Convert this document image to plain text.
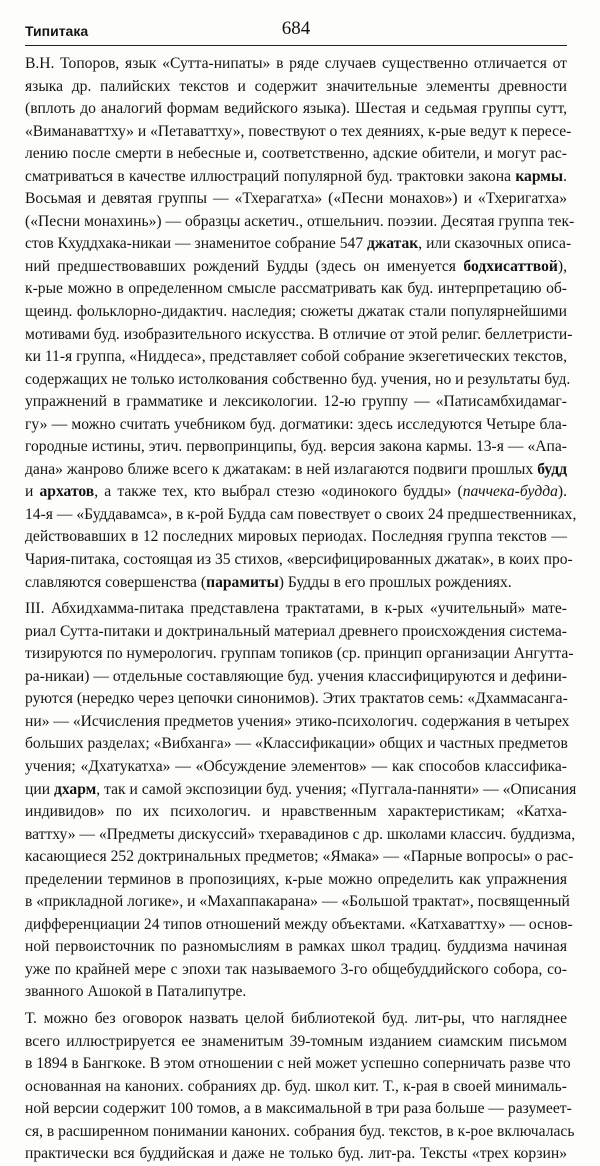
Типитака	684
В.Н. Топоров, язык «Сутта-нипаты» в ряде случаев существенно отличается от
языка др. палийских текстов и содержит значительные элементы древности
(вплоть до аналогий формам ведийского языка). Шестая и седьмая группы сутт,
«Виманаваттху» и «Петаваттху», повествуют о тех деяниях, к-рые ведут к пересе-
лению после смерти в небесные и, соответственно, адские обители, и могут рас-
сматриваться в качестве иллюстраций популярной буд. трактовки закона кармы.
Восьмая и девятая группы — «Тхерагатха» («Песни монахов») и «Тхеригатха»
(«Песни монахинь») — образцы аскетич., отшельнич. поэзии. Десятая группа тек-
стов Кхуддхака-никаи — знаменитое собрание 547 джатак, или сказочных описа-
ний предшествовавших рождений Будды (здесь он именуется бодхисаттвой),
к-рые можно в определенном смысле рассматривать как буд. интерпретацию об-
щеинд. фольклорно-дидактич. наследия; сюжеты джатак стали популярнейшими
мотивами буд. изобразительного искусства. В отличие от этой религ. беллетристи-
ки 11-я группа, «Ниддеса», представляет собой собрание экзегетических текстов,
содержащих не только истолкования собственно буд. учения, но и результаты буд.
упражнений в грамматике и лексикологии. 12-ю группу — «Патисамбхидамаг-
гу» — можно считать учебником буд. догматики: здесь исследуются Четыре бла-
городные истины, этич. первопринципы, буд. версия закона кармы. 13-я — «Апа-
дана» жанрово ближе всего к джатакам: в ней излагаются подвиги прошлых будд
и архатов, а также тех, кто выбрал стезю «одинокого будды» (паччека-будда).
14-я — «Буддавамса», в к-рой Будда сам повествует о своих 24 предшественниках,
действовавших в 12 последних мировых периодах. Последняя группа текстов —
Чария-питака, состоящая из 35 стихов, «версифицированных джатак», в коих про-
славляются совершенства (парамиты) Будды в его прошлых рождениях.
III. Абхидхамма-питака представлена трактатами, в к-рых «учительный» мате-
риал Сутта-питаки и доктринальный материал древнего происхождения система-
тизируются по нумерологич. группам топиков (ср. принцип организации Ангутта-
ра-никаи) — отдельные составляющие буд. учения классифицируются и дефини-
руются (нередко через цепочки синонимов). Этих трактатов семь: «Дхаммасанга-
ни» — «Исчисления предметов учения» этико-психологич. содержания в четырех
больших разделах; «Вибханга» — «Классификации» общих и частных предметов
учения; «Дхатукатха» — «Обсуждение элементов» — как способов классифика-
ции дхарм, так и самой экспозиции буд. учения; «Пуггала-панняти» — «Описания
индивидов» по их психологич. и нравственным характеристикам; «Катха-
ваттху» — «Предметы дискуссий» тхеравадинов с др. школами классич. буддизма,
касающиеся 252 доктринальных предметов; «Ямака» — «Парные вопросы» о рас-
пределении терминов в пропозициях, к-рые можно определить как упражнения
в «прикладной логике», и «Махаппакарана» — «Большой трактат», посвященный
дифференциации 24 типов отношений между объектами. «Катхаваттху» — основ-
ной первоисточник по разномыслиям в рамках школ традиц. буддизма начиная
уже по крайней мере с эпохи так называемого 3-го общебуддийского собора, со-
званного Ашокой в Паталипутре.
Т. можно без оговорок назвать целой библиотекой буд. лит-ры, что нагляднее
всего иллюстрируется ее знаменитым 39-томным изданием сиамским письмом
в 1894 в Бангкоке. В этом отношении с ней может успешно соперничать разве что
основанная на каноних. собраниях др. буд. школ кит. Т., к-рая в своей минималь-
ной версии содержит 100 томов, а в максимальной в три раза больше — разумеет-
ся, в расширенном понимании каноних. собрания буд. текстов, в к-рое включалась
практически вся буддийская и даже не только буд. лит-ра. Тексты «трех корзин»
